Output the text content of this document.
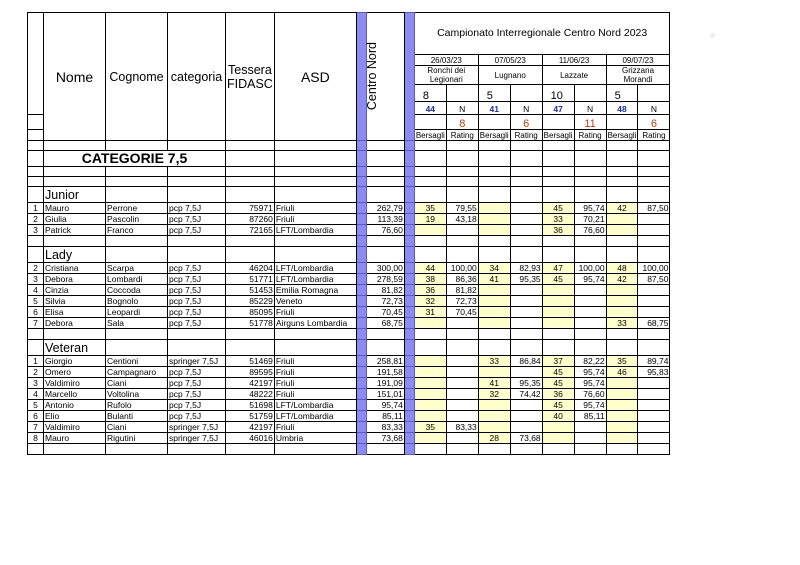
	Nome	Cognome	categoria	Tessera FIDASC	ASD		Centro Nord		Campionato Interregionale Centro Nord 2023							
									26/03/23		07/05/23		11/06/23		09/07/23	
									Ronchi dei Legionari		Lugnano		Lazzate		Grizzana Morandi	
									8		5		10		5	
									44	N	41	N	47	N	48	N
										8		6		11		6
									Bersagli	Rating	Bersagli	Rating	Bersagli	Rating	Bersagli	Rating

	CATEGORIE 7,5															

	Junior															
1	Mauro	Perrone	pcp 7,5J	75971	Friuli		262,79		35	79,55			45	95,74	42	87,50
2	Giulia	Pascolin	pcp 7,5J	87260	Friuli		113,39		19	43,18			33	70,21		
3	Patrick	Franco	pcp 7,5J	72165	LFT/Lombardia		76,60						36	76,60		

	Lady															
2	Cristiana	Scarpa	pcp 7,5J	46204	LFT/Lombardia		300,00		44	100,00	34	82,93	47	100,00	48	100,00
3	Debora	Lombardi	pcp 7,5J	51771	LFT/Lombardia		278,59		38	86,36	41	95,35	45	95,74	42	87,50
4	Cinzia	Coccoda	pcp 7,5J	51453	Emilia Romagna		81,82		36	81,82						
5	Silvia	Bognolo	pcp 7,5J	85229	Veneto		72,73		32	72,73						
6	Elisa	Leopardi	pcp 7,5J	85095	Friuli		70,45		31	70,45						
7	Debora	Sala	pcp 7,5J	51778	Airguns Lombardia		68,75								33	68,75

	Veteran															
1	Giorgio	Centioni	springer 7,5J	51469	Friuli		258,81				33	86,84	37	82,22	35	89,74
2	Omero	Campagnaro	pcp 7,5J	89595	Friuli		191,58						45	95,74	46	95,83
3	Valdimiro	Ciani	pcp 7,5J	42197	Friuli		191,09				41	95,35	45	95,74		
4	Marcello	Voltolina	pcp 7,5J	48222	Friuli		151,01				32	74,42	36	76,60		
5	Antonio	Rufolo	pcp 7,5J	51698	LFT/Lombardia		95,74						45	95,74		
6	Elio	Bulanti	pcp 7,5J	51759	LFT/Lombardia		85,11						40	85,11		
7	Valdimiro	Ciani	springer 7,5J	42197	Friuli		83,33		35	83,33						
8	Mauro	Rigutini	springer 7,5J	46016	Umbria		73,68				28	73,68				
